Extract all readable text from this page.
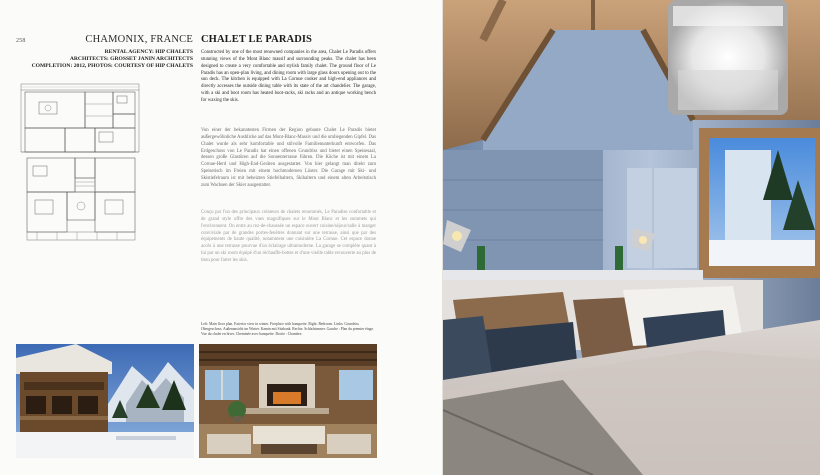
258	CHAMONIX, FRANCE CHALET LE PARADIS
RENTAL AGENCY: HIP CHALETS
ARCHITECTS: GROSSET JANIN ARCHITECTS
COMPLETION: 2012, PHOTOS: COURTESY OF HIP CHALETS
Constructed by one of the most renowned companies in the area, Chalet Le Paradis offers stunning views of the Mont Blanc massif and surrounding peaks. The chalet has been designed to create a very comfortable and stylish family chalet. The ground floor of Le Paradis has an open-plan living, and dining room with large glass doors opening out to the sun deck. The kitchen is equipped with La Cornue cooker and high-end appliances and directly accesses the outside dining table with its state of the art chandelier. The garage, with a ski and boot room has heated boot-racks, ski racks and an antique working bench for waxing the skis.
Von einer der bekanntesten Firmen der Region gebaute Chalet Le Paradis bietet außergewöhnliche Ausblicke auf das Mont-Blanc-Massiv und die umliegenden Gipfel. Das Chalet wurde als sehr komfortable und stilvolle Familienunterkunft entworfen. Das Erdgeschoss von Le Paradis hat einen offenen Grundriss und bietet einen Speisesaal, dessen große Glastüren auf die Sonnenterrasse führen. Die Küche ist mit einem La Cornue-Herd und High-End-Geräten ausgestattet. Von hier gelangt man direkt zum Speisetisch im Freien mit einem hochmodernen Lüster. Die Garage mit Ski- und Skistiefelraum ist mit beheizten Stiefelhaltern, Skihaltern und einem alten Arbeitstisch zum Wachsen der Skier ausgestattet.
Conçu par l'un des principaux créateurs de chalets renommés, Le Paradise confortable et de grand style offre des vues magnifiques sur le Mont Blanc et les sommets qui l'environnent. On entre au rez-de-chaussée un espace ouvert cuisine/séjour/salle à manger conviviale par de grandes portes-fenêtres donnant sur une terrasse, ainsi que par des équipements de haute qualité, notamment une cuisinière La Cornue. Cet espace donne accès à une terrasse pourvue d'un éclairage ultramoderne. La garage se complète quant à lui par un ski room équipé d'un réchauffe-bottes et d'une vieille table recouverte au plus de tissu pour farter les skis.
Left: Main floor plan. Exterior view in winter. Fireplace with banquette. Right: Bedroom. Links: Grundriss Obergeschoss. Außenansicht im Winter. Kamin mit Sitzbank. Rechts: Schlafzimmer. Gauche : Plan du premier étage. Vue du chalet en hiver. Cheminée avec banquette. Droite : Chambre.
